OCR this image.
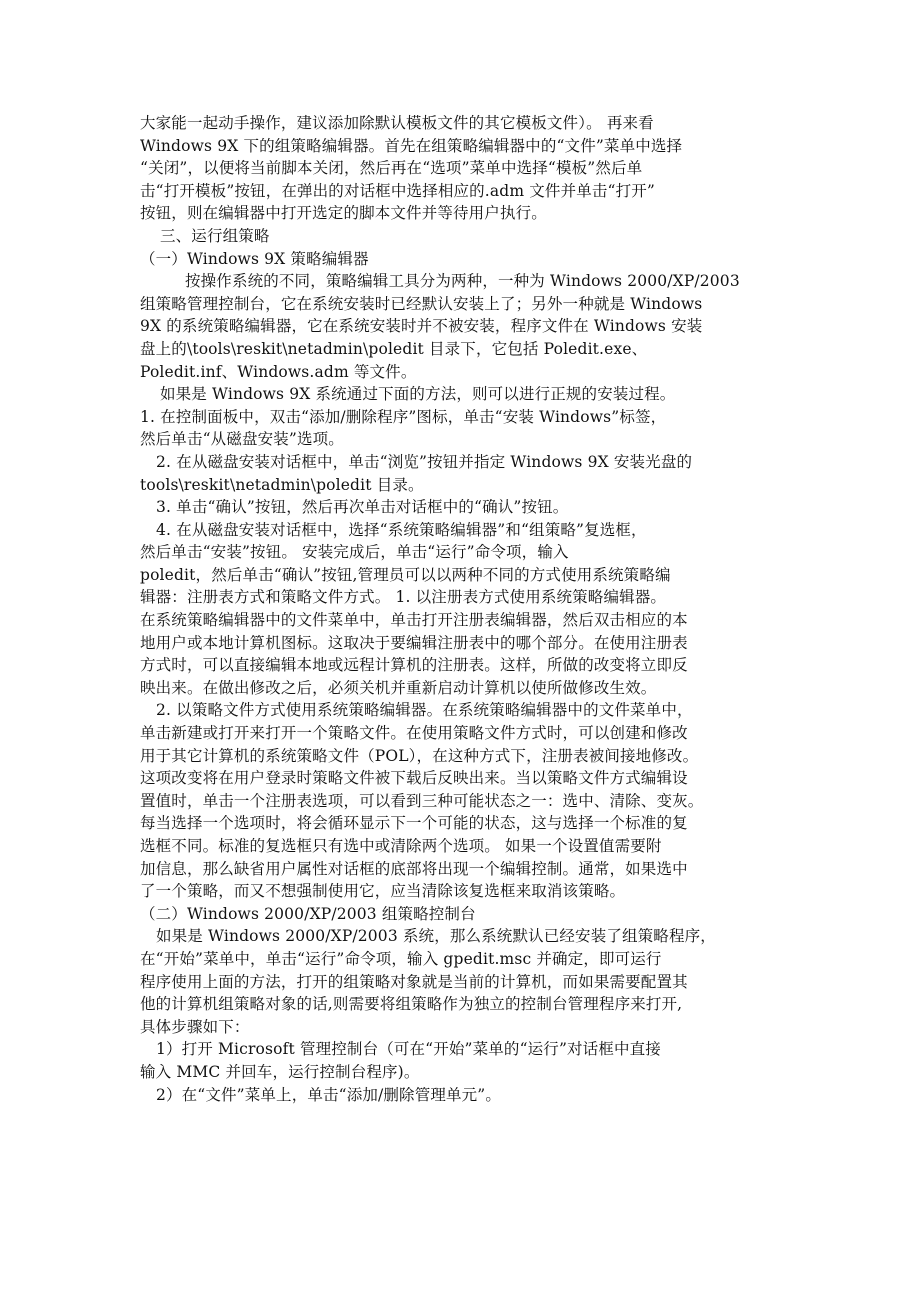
大家能一起动手操作，建议添加除默认模板文件的其它模板文件）。 再来看
Windows 9X 下的组策略编辑器。首先在组策略编辑器中的“文件”菜单中选择
“关闭”，以便将当前脚本关闭，然后再在“选项”菜单中选择“模板”然后单
击“打开模板”按钮，在弹出的对话框中选择相应的.adm 文件并单击“打开”
按钮，则在编辑器中打开选定的脚本文件并等待用户执行。
三、运行组策略
（一）Windows 9X 策略编辑器
按操作系统的不同，策略编辑工具分为两种，一种为 Windows 2000/XP/2003
组策略管理控制台，它在系统安装时已经默认安装上了；另外一种就是 Windows
9X 的系统策略编辑器，它在系统安装时并不被安装，程序文件在 Windows 安装
盘上的\tools\reskit\netadmin\poledit 目录下，它包括 Poledit.exe、
Poledit.inf、Windows.adm 等文件。
如果是 Windows 9X 系统通过下面的方法，则可以进行正规的安装过程。
1. 在控制面板中，双击“添加/删除程序”图标，单击“安装 Windows”标签，
然后单击“从磁盘安装”选项。
2. 在从磁盘安装对话框中，单击“浏览”按钮并指定 Windows 9X 安装光盘的
tools\reskit\netadmin\poledit 目录。
3. 单击“确认”按钮，然后再次单击对话框中的“确认”按钮。
4. 在从磁盘安装对话框中，选择“系统策略编辑器”和“组策略”复选框，
然后单击“安装”按钮。 安装完成后，单击“运行”命令项，输入
poledit，然后单击“确认”按钮,管理员可以以两种不同的方式使用系统策略编
辑器：注册表方式和策略文件方式。 1. 以注册表方式使用系统策略编辑器。
在系统策略编辑器中的文件菜单中，单击打开注册表编辑器，然后双击相应的本
地用户或本地计算机图标。这取决于要编辑注册表中的哪个部分。在使用注册表
方式时，可以直接编辑本地或远程计算机的注册表。这样，所做的改变将立即反
映出来。在做出修改之后，必须关机并重新启动计算机以使所做修改生效。
2. 以策略文件方式使用系统策略编辑器。在系统策略编辑器中的文件菜单中，
单击新建或打开来打开一个策略文件。在使用策略文件方式时，可以创建和修改
用于其它计算机的系统策略文件（POL），在这种方式下，注册表被间接地修改。
这项改变将在用户登录时策略文件被下载后反映出来。当以策略文件方式编辑设
置值时，单击一个注册表选项，可以看到三种可能状态之一：选中、清除、变灰。
每当选择一个选项时，将会循环显示下一个可能的状态，这与选择一个标准的复
选框不同。标准的复选框只有选中或清除两个选项。 如果一个设置值需要附
加信息，那么缺省用户属性对话框的底部将出现一个编辑控制。通常，如果选中
了一个策略，而又不想强制使用它，应当清除该复选框来取消该策略。
（二）Windows 2000/XP/2003 组策略控制台
如果是 Windows 2000/XP/2003 系统，那么系统默认已经安装了组策略程序，
在“开始”菜单中，单击“运行”命令项，输入 gpedit.msc 并确定，即可运行
程序使用上面的方法，打开的组策略对象就是当前的计算机，而如果需要配置其
他的计算机组策略对象的话,则需要将组策略作为独立的控制台管理程序来打开,
具体步骤如下：
1）打开 Microsoft 管理控制台（可在“开始”菜单的“运行”对话框中直接
输入 MMC 并回车，运行控制台程序)。
2）在“文件”菜单上，单击“添加/删除管理单元”。
